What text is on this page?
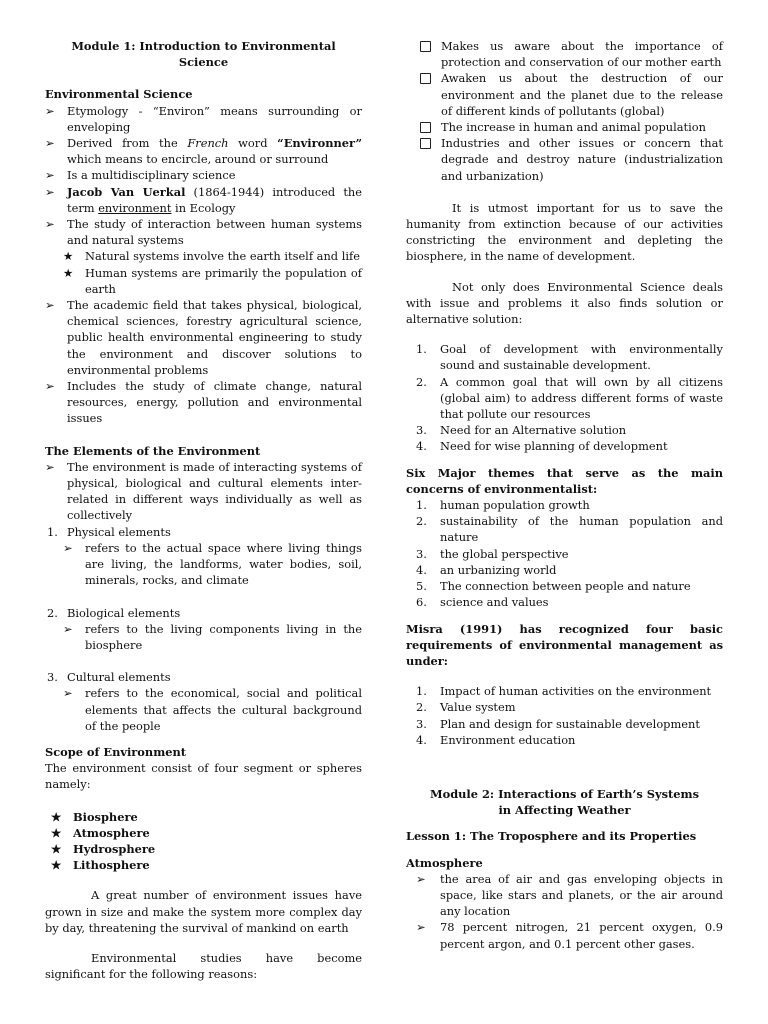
Module 1: Introduction to Environmental Science

Environmental Science

➢ Etymology - “Environ” means surrounding or enveloping
➢ Derived from the French word “Environner” which means to encircle, around or surround
➢ Is a multidisciplinary science
➢ Jacob Van Uerkal (1864-1944) introduced the term environment in Ecology
➢ The study of interaction between human systems and natural systems
★ Natural systems involve the earth itself and life
★ Human systems are primarily the population of earth
➢ The academic field that takes physical, biological, chemical sciences, forestry agricultural science, public health environmental engineering to study the environment and discover solutions to environmental problems
➢ Includes the study of climate change, natural resources, energy, pollution and environmental issues

The Elements of the Environment

➢ The environment is made of interacting systems of physical, biological and cultural elements inter-related in different ways individually as well as collectively
1. Physical elements
➢ refers to the actual space where living things are living, the landforms, water bodies, soil, minerals, rocks, and climate
2. Biological elements
➢ refers to the living components living in the biosphere
3. Cultural elements
➢ refers to the economical, social and political elements that affects the cultural background of the people

Scope of Environment

The environment consist of four segment or spheres namely:

★ Biosphere
★ Atmosphere
★ Hydrosphere
★ Lithosphere

A great number of environment issues have grown in size and make the system more complex day by day, threatening the survival of mankind on earth

Environmental studies have become significant for the following reasons:

Makes us aware about the importance of protection and conservation of our mother earth
Awaken us about the destruction of our environment and the planet due to the release of different kinds of pollutants (global)
The increase in human and animal population
Industries and other issues or concern that degrade and destroy nature (industrialization and urbanization)

It is utmost important for us to save the humanity from extinction because of our activities constricting the environment and depleting the biosphere, in the name of development.

Not only does Environmental Science deals with issue and problems it also finds solution or alternative solution:

1. Goal of development with environmentally sound and sustainable development.
2. A common goal that will own by all citizens (global aim) to address different forms of waste that pollute our resources
3. Need for an Alternative solution
4. Need for wise planning of development

Six Major themes that serve as the main concerns of environmentalist:

1. human population growth
2. sustainability of the human population and nature
3. the global perspective
4. an urbanizing world
5. The connection between people and nature
6. science and values

Misra (1991) has recognized four basic requirements of environmental management as under:

1. Impact of human activities on the environment
2. Value system
3. Plan and design for sustainable development
4. Environment education

Module 2: Interactions of Earth’s Systems in Affecting Weather

Lesson 1: The Troposphere and its Properties

Atmosphere

➢ the area of air and gas enveloping objects in space, like stars and planets, or the air around any location
➢ 78 percent nitrogen, 21 percent oxygen, 0.9 percent argon, and 0.1 percent other gases.
